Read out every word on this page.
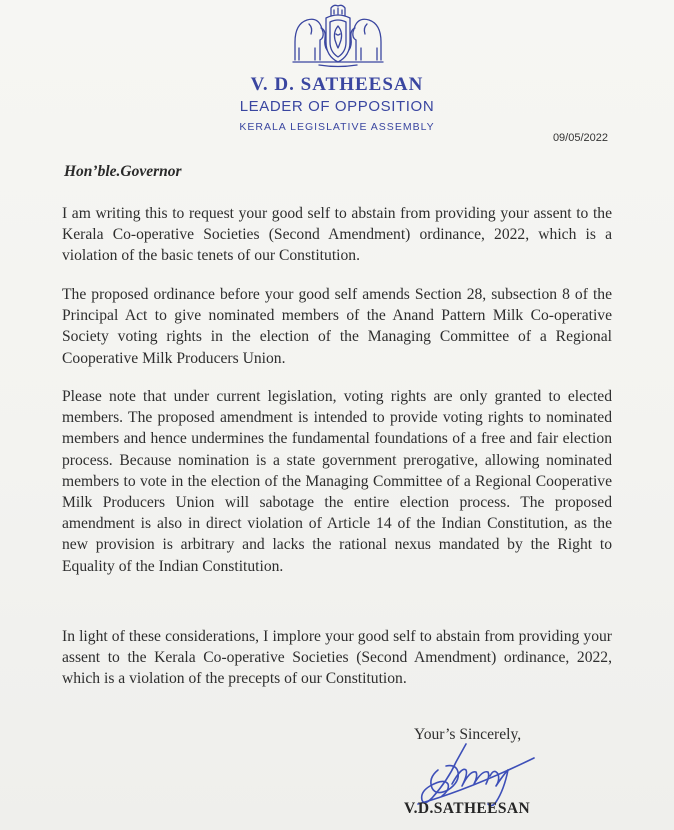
V. D. SATHEESAN
LEADER OF OPPOSITION
KERALA LEGISLATIVE ASSEMBLY
09/05/2022
Hon’ble.Governor

I am writing this to request your good self to abstain from providing your assent to the Kerala Co-operative Societies (Second Amendment) ordinance, 2022, which is a violation of the basic tenets of our Constitution.

The proposed ordinance before your good self amends Section 28, subsection 8 of the Principal Act to give nominated members of the Anand Pattern Milk Co-operative Society voting rights in the election of the Managing Committee of a Regional Cooperative Milk Producers Union.

Please note that under current legislation, voting rights are only granted to elected members. The proposed amendment is intended to provide voting rights to nominated members and hence undermines the fundamental foundations of a free and fair election process. Because nomination is a state government prerogative, allowing nominated members to vote in the election of the Managing Committee of a Regional Cooperative Milk Producers Union will sabotage the entire election process. The proposed amendment is also in direct violation of Article 14 of the Indian Constitution, as the new provision is arbitrary and lacks the rational nexus mandated by the Right to Equality of the Indian Constitution.

In light of these considerations, I implore your good self to abstain from providing your assent to the Kerala Co-operative Societies (Second Amendment) ordinance, 2022, which is a violation of the precepts of our Constitution.

Your’s Sincerely,
V.D.SATHEESAN
